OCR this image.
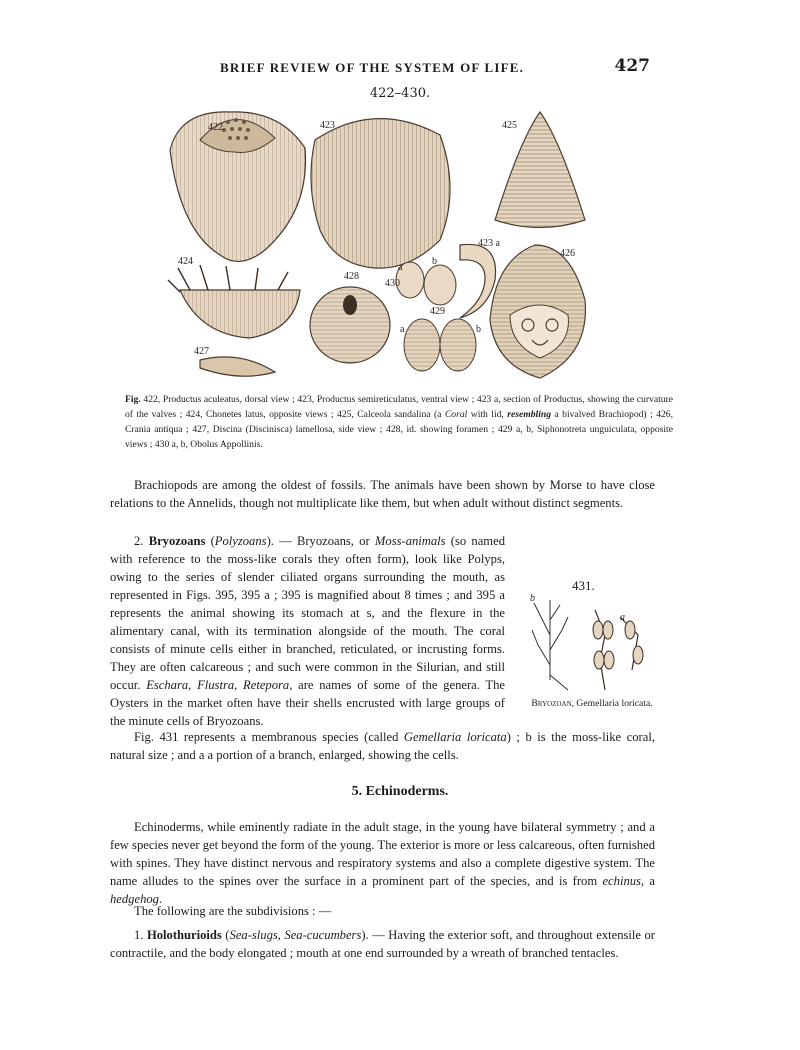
BRIEF REVIEW OF THE SYSTEM OF LIFE.	427
422–430.
422	423	425
424
423 a
426
428
430
429
427
a
b
a	b
Fig. 422, Productus aculeatus, dorsal view ; 423, Productus semireticulatus, ventral view ; 423 a, section of Productus, showing the curvature of the valves ; 424, Chonetes latus, opposite views ; 425, Calceola sandalina (a Coral with lid, resembling a bivalved Brachiopod) ; 426, Crania antiqua ; 427, Discina (Discinisca) lamellosa, side view ; 428, id. showing foramen ; 429 a, b, Siphonotreta unguiculata, opposite views ; 430 a, b, Obolus Appollinis.
Brachiopods are among the oldest of fossils. The animals have been shown by Morse to have close relations to the Annelids, though not multiplicate like them, but when adult without distinct segments.
2. Bryozoans (Polyzoans). — Bryozoans, or Moss-animals (so named with reference to the moss-like corals they often form), look like Polyps, owing to the series of slender ciliated organs surrounding the mouth, as represented in Figs. 395, 395 a ; 395 is magnified about 8 times ; and 395 a represents the animal showing its stomach at s, and the flexure in the alimentary canal, with its termination alongside of the mouth. The coral consists of minute cells either in branched, reticulated, or incrusting forms. They are often calcareous ; and such were common in the Silurian, and still occur. Eschara, Flustra, Retepora, are names of some of the genera. The Oysters in the market often have their shells encrusted with large groups of the minute cells of Bryozoans.
431.
b
a
Bryozoan, Gemellaria loricata.
Fig. 431 represents a membranous species (called Gemellaria loricata) ; b is the moss-like coral, natural size ; and a a portion of a branch, enlarged, showing the cells.
5. Echinoderms.
Echinoderms, while eminently radiate in the adult stage, in the young have bilateral symmetry ; and a few species never get beyond the form of the young. The exterior is more or less calcareous, often furnished with spines. They have distinct nervous and respiratory systems and also a complete digestive system. The name alludes to the spines over the surface in a prominent part of the species, and is from echinus, a hedgehog.
The following are the subdivisions : —
1. Holothurioids (Sea-slugs, Sea-cucumbers). — Having the exterior soft, and throughout extensile or contractile, and the body elongated ; mouth at one end surrounded by a wreath of branched tentacles.
